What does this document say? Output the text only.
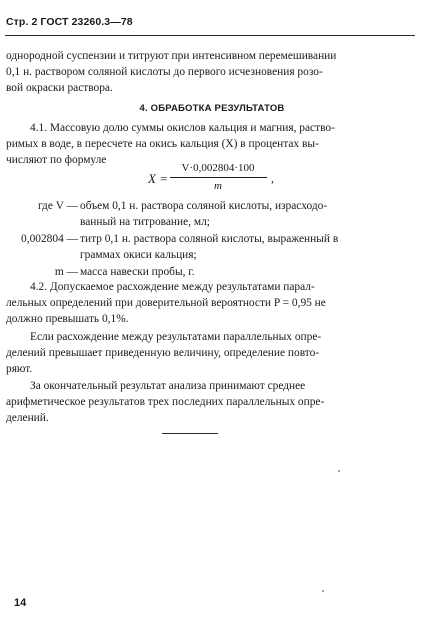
Стр. 2 ГОСТ 23260.3—78
однородной суспензии и титруют при интенсивном перемешивании
0,1 н. раствором соляной кислоты до первого исчезновения розо-
вой окраски раствора.
4. ОБРАБОТКА РЕЗУЛЬТАТОВ
4.1. Массовую долю суммы окислов кальция и магния, раство-
римых в воде, в пересчете на окись кальция (X) в процентах вы-
числяют по формуле
X =
V·0,002804·100
m
,
где V — объем 0,1 н. раствора соляной кислоты, израсходо-
ванный на титрование, мл;
0,002804 — титр 0,1 н. раствора соляной кислоты, выраженный в
граммах окиси кальция;
m — масса навески пробы, г.
4.2. Допускаемое расхождение между результатами парал-
лельных определений при доверительной вероятности P = 0,95 не
должно превышать 0,1%.
Если расхождение между результатами параллельных опре-
делений превышает приведенную величину, определение повто-
ряют.
За окончательный результат анализа принимают среднее
арифметическое результатов трех последних параллельных опре-
делений.
14
